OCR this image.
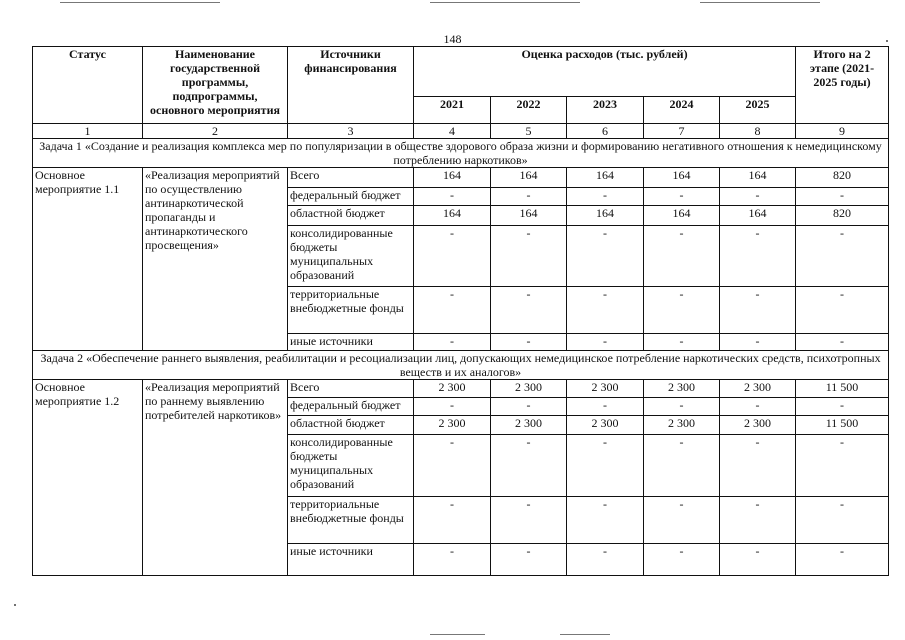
148
Статус	Наименование государственной программы, подпрограммы, основного мероприятия	Источники финансирования	Оценка расходов (тыс. рублей)					Итого на 2 этапе (2021-2025 годы)
			2021	2022	2023	2024	2025	
1	2	3	4	5	6	7	8	9
Задача 1 «Создание и реализация комплекса мер по популяризации в обществе здорового образа жизни и формированию негативного отношения к немедицинскому потреблению наркотиков»								
Основное мероприятие 1.1	«Реализация мероприятий по осуществлению антинаркотической пропаганды и антинаркотического просвещения»	Всего	164	164	164	164	164	820
		федеральный бюджет	-	-	-	-	-	-
		областной бюджет	164	164	164	164	164	820
		консолидированные бюджеты муниципальных образований	-	-	-	-	-	-
		территориальные внебюджетные фонды	-	-	-	-	-	-
		иные источники	-	-	-	-	-	-
Задача 2 «Обеспечение раннего выявления, реабилитации и ресоциализации лиц, допускающих немедицинское потребление наркотических средств, психотропных веществ и их аналогов»								
Основное мероприятие 1.2	«Реализация мероприятий по раннему выявлению потребителей наркотиков»	Всего	2 300	2 300	2 300	2 300	2 300	11 500
		федеральный бюджет	-	-	-	-	-	-
		областной бюджет	2 300	2 300	2 300	2 300	2 300	11 500
		консолидированные бюджеты муниципальных образований	-	-	-	-	-	-
		территориальные внебюджетные фонды	-	-	-	-	-	-
		иные источники	-	-	-	-	-	-
